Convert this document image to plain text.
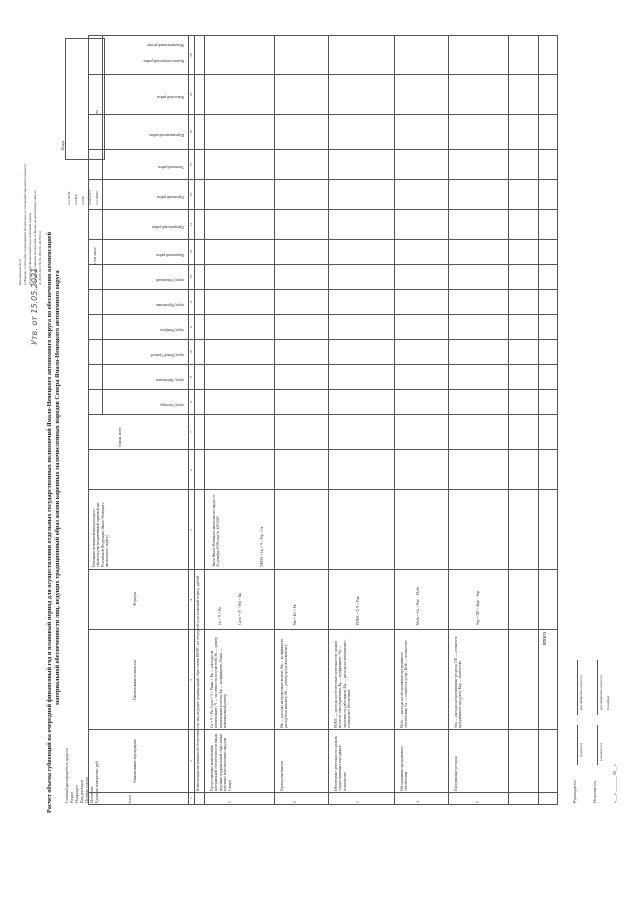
Приложение № 21 к Порядку и методике планирования бюджетных ассигнований окружного бюджета на очередной финансовый год и плановый период (в редакции приказа Департамента финансов автономного округа от 20.05.2021 № 01-2021/01-0225/Сп)
Утв. от 15.05.2021 Расчет объема субвенций на очередной финансовый год и плановый период для осуществления отдельных государственных полномочий Ямало-Ненецкого автономного округа по обеспечению компенсацией материальной обеспеченности лиц, ведущих традиционный образ жизни коренных малочисленных народов Севера Ямало-Ненецкого автономного округа
Главный распорядитель средств Раздел Подраздел Вид расходов Целевая статья Источник Единица измерения: руб.
Коды
по ОКУД по ЦСР по ВР по КОСГУ по ОКЕИ
383
№ п/п
Наименование мероприятия
Наименование показателя
Формула
Основание возникновения расходного обязательства (нормативный правовой акт Российской Федерации, Ямало-Ненецкого автономного округа)
Сумма, всего
в том числе
город Салехард
город Лабытнанги
город Новый Уренгой
город Ноябрьск
город Муравленко
город Губкинский
Надымский район
Приуральский район
Пуровский район
Тазовский район
Шурышкарский район
Ямальский район
Красноселькупский район
Муниципальный резерв
1
2
3
4
5
6
7
8
9
10
11
12
13
14
15
16
17
18
19
20
Компенсация материальной обеспеченности лиц, ведущих традиционный образ жизни КМНС, на очередной год и плановый период, рублей
1
Предоставление компенсации материальной обеспеченности лицам, ведущим традиционный образ жизни коренных малочисленных народов Севера
Ск = Ч × Рк; Сдоп = Ч × Рмакс × Кк — расходы на компенсацию; Ч — численность получателей; Рк — размер компенсации в месяц; Кк — коэффициент; Рмакс — максимальный размер
Ск = Ч × Рк	Сдоп = (Ч × Рк) × Кк
Закон Ямало-Ненецкого автономного округа от 24 декабря 2008 года № 120-ЗАО	ТФПО = Ск + Ч × Рф − Ск
2
Проведение выплат
Мв — расходы на проведение выплат; Кв — коэффициент расходов на выплату; Рв — размер средств на выплату
Мв = К1 × Рв
3
Обеспечение деятельности органов, осуществляющих переданные полномочия
РОМС — расходы на обеспечение деятельности органов местного самоуправления; Кр — коэффициент; Чр — численность работников; Мр — расходы на материально-техническое обеспечение
РОМС = Σ Ч × Рмс
4
Обслуживание программного обеспечения
Мобс — расходы на обслуживание программного обеспечения; Ск — стоимость услуг; Кобс — количество
Мобс = Ск × Рмо − Мобс
5
Программные ресурсы
Sпр — расходы на программные ресурсы; ПП — стоимость программного продукта; Кпр — количество
Sпр = ПП × Кпр − Sпр
ИТОГО
Руководитель
(подпись)
(расшифровка подписи)
Исполнитель
(должность)
(расшифровка подписи) (телефон)
«___» ________ 20__ г.
